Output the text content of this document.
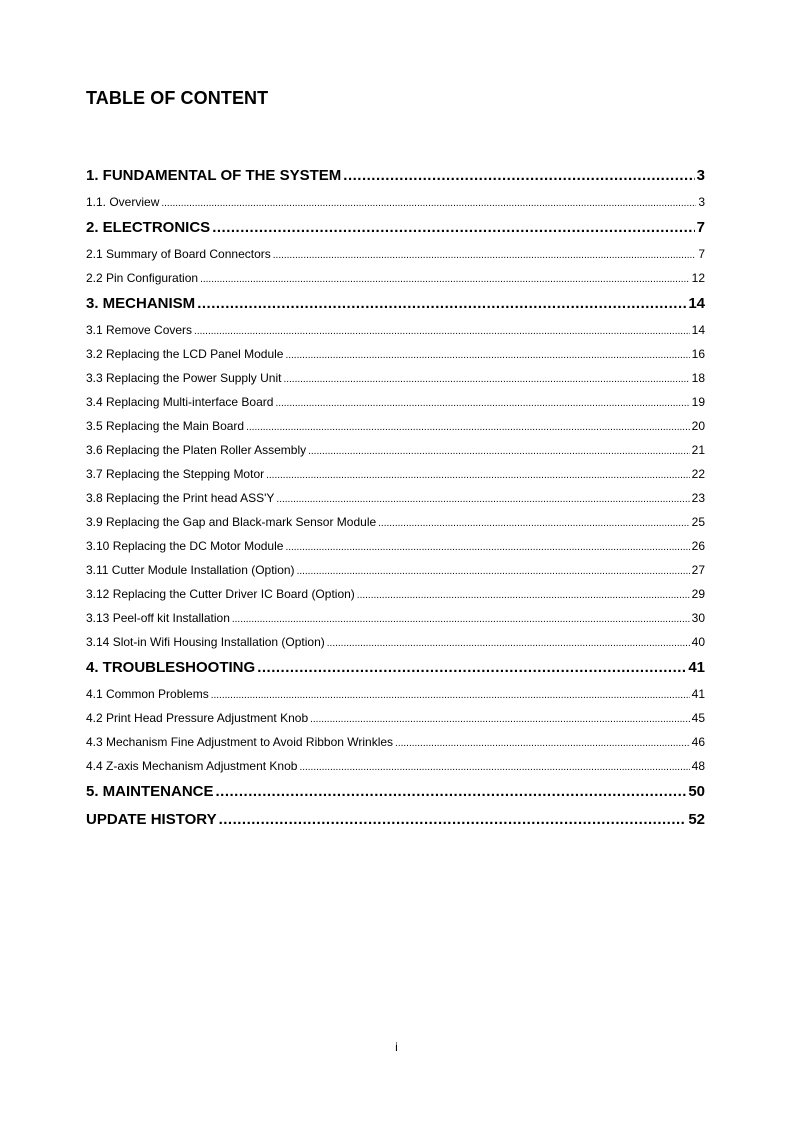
TABLE OF CONTENT
1. FUNDAMENTAL OF THE SYSTEM .....	3
1.1. Overview .....	3
2. ELECTRONICS .....	7
2.1 Summary of Board Connectors .....	7
2.2 Pin Configuration .....	12
3. MECHANISM .....	14
3.1 Remove Covers .....	14
3.2 Replacing the LCD Panel Module .....	16
3.3 Replacing the Power Supply Unit .....	18
3.4 Replacing Multi-interface Board .....	19
3.5 Replacing the Main Board .....	20
3.6 Replacing the Platen Roller Assembly .....	21
3.7 Replacing the Stepping Motor .....	22
3.8 Replacing the Print head ASS'Y .....	23
3.9 Replacing the Gap and Black-mark Sensor Module .....	25
3.10 Replacing the DC Motor Module .....	26
3.11 Cutter Module Installation (Option) .....	27
3.12 Replacing the Cutter Driver IC Board (Option) .....	29
3.13 Peel-off kit Installation .....	30
3.14 Slot-in Wifi Housing Installation (Option) .....	40
4. TROUBLESHOOTING .....	41
4.1 Common Problems .....	41
4.2 Print Head Pressure Adjustment Knob .....	45
4.3 Mechanism Fine Adjustment to Avoid Ribbon Wrinkles .....	46
4.4 Z-axis Mechanism Adjustment Knob .....	48
5. MAINTENANCE .....	50
UPDATE HISTORY .....	52
i
